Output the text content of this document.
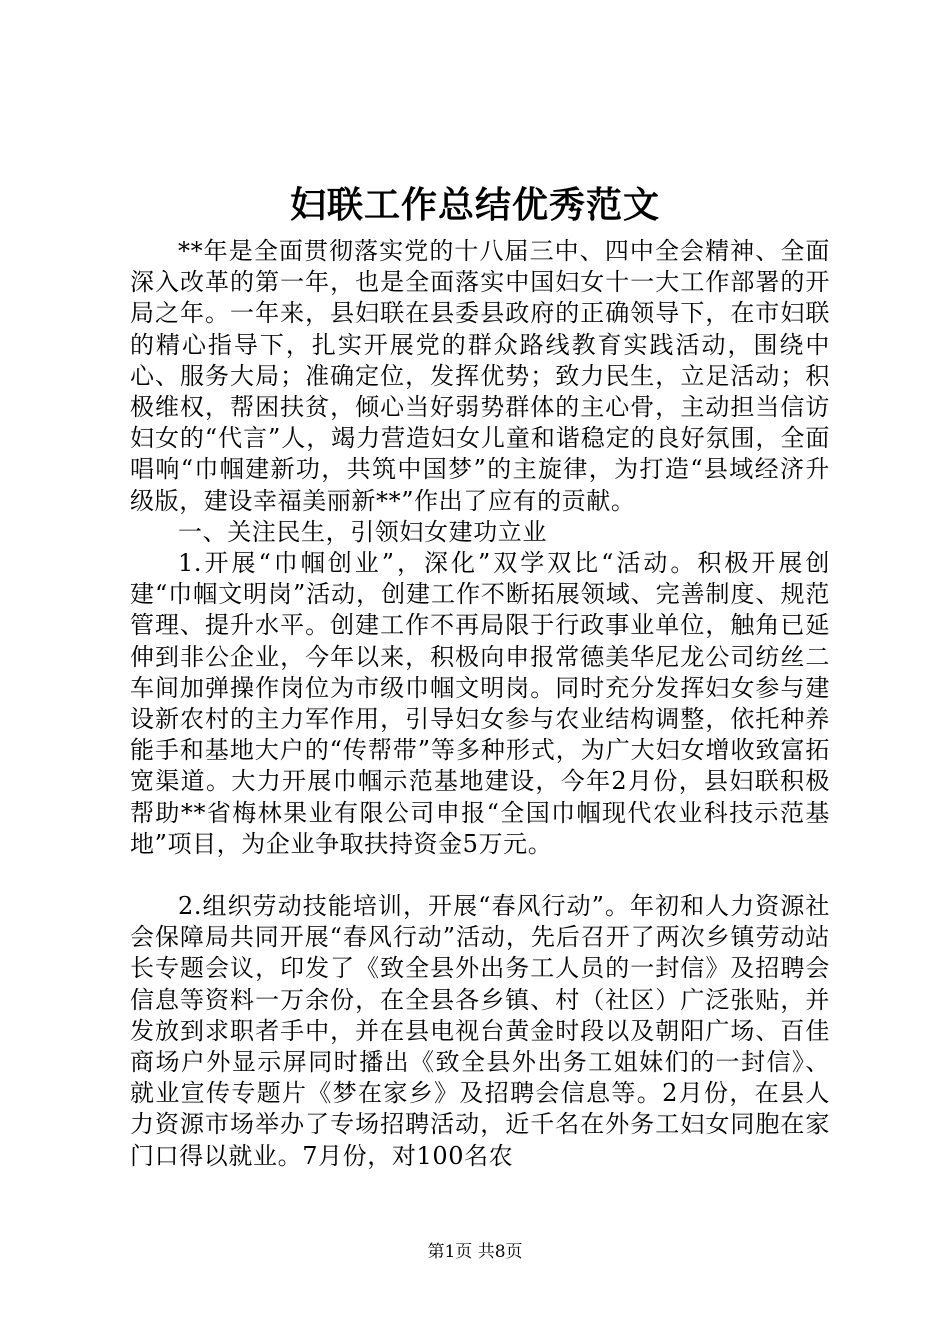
妇联工作总结优秀范文

**年是全面贯彻落实党的十八届三中、四中全会精神、全面深入改革的第一年，也是全面落实中国妇女十一大工作部署的开局之年。一年来，县妇联在县委县政府的正确领导下，在市妇联的精心指导下，扎实开展党的群众路线教育实践活动，围绕中心、服务大局；准确定位，发挥优势；致力民生，立足活动；积极维权，帮困扶贫，倾心当好弱势群体的主心骨，主动担当信访妇女的“代言”人，竭力营造妇女儿童和谐稳定的良好氛围，全面唱响“巾帼建新功，共筑中国梦”的主旋律，为打造“县域经济升级版，建设幸福美丽新**”作出了应有的贡献。

一、关注民生，引领妇女建功立业

1.开展“巾帼创业”，深化”双学双比“活动。积极开展创建“巾帼文明岗”活动，创建工作不断拓展领域、完善制度、规范管理、提升水平。创建工作不再局限于行政事业单位，触角已延伸到非公企业，今年以来，积极向申报常德美华尼龙公司纺丝二车间加弹操作岗位为市级巾帼文明岗。同时充分发挥妇女参与建设新农村的主力军作用，引导妇女参与农业结构调整，依托种养能手和基地大户的“传帮带”等多种形式，为广大妇女增收致富拓宽渠道。大力开展巾帼示范基地建设，今年2月份，县妇联积极帮助**省梅林果业有限公司申报“全国巾帼现代农业科技示范基地”项目，为企业争取扶持资金5万元。

2.组织劳动技能培训，开展“春风行动”。年初和人力资源社会保障局共同开展“春风行动”活动，先后召开了两次乡镇劳动站长专题会议，印发了《致全县外出务工人员的一封信》及招聘会信息等资料一万余份，在全县各乡镇、村（社区）广泛张贴，并发放到求职者手中，并在县电视台黄金时段以及朝阳广场、百佳商场户外显示屏同时播出《致全县外出务工姐妹们的一封信》、就业宣传专题片《梦在家乡》及招聘会信息等。2月份，在县人力资源市场举办了专场招聘活动，近千名在外务工妇女同胞在家门口得以就业。7月份，对100名农

第1页 共8页
